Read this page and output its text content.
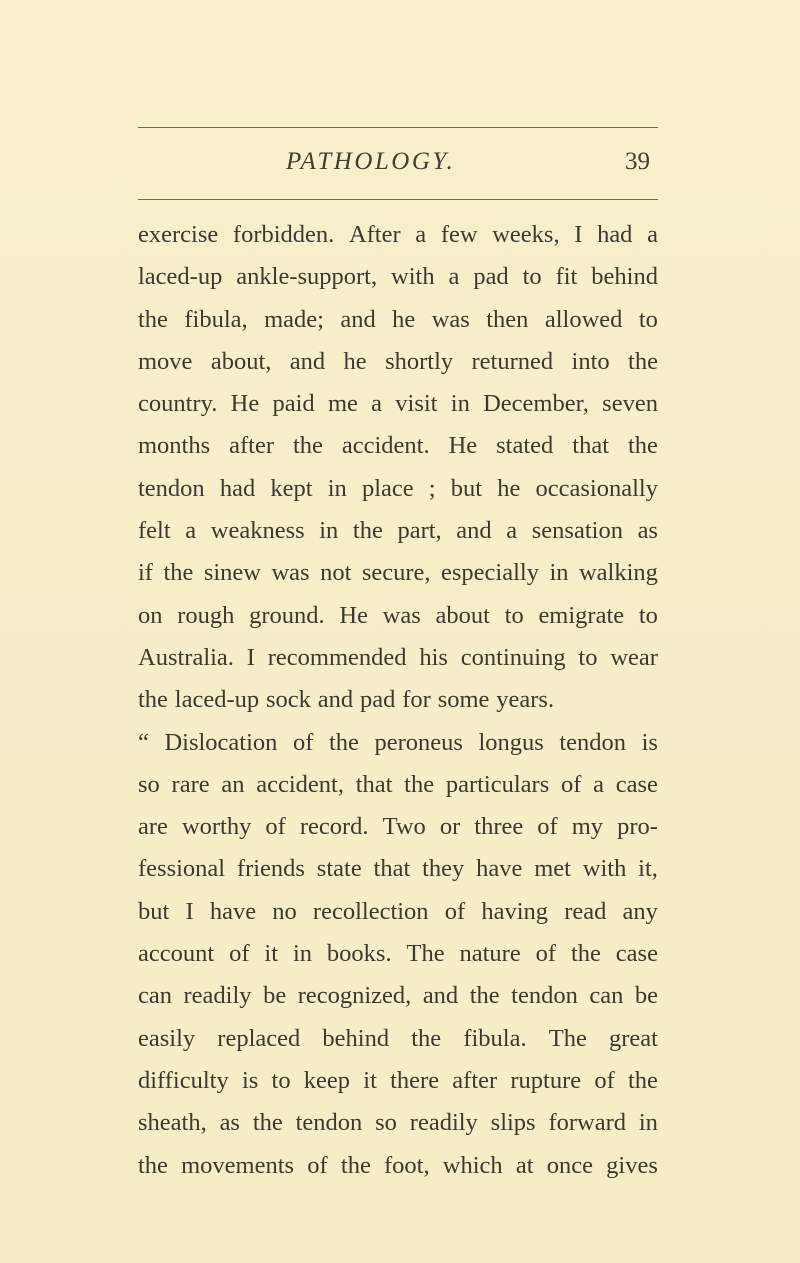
PATHOLOGY.	39
exercise forbidden. After a few weeks, I had a
laced-up ankle-support, with a pad to fit behind
the fibula, made; and he was then allowed to
move about, and he shortly returned into the
country. He paid me a visit in December, seven
months after the accident. He stated that the
tendon had kept in place ; but he occasionally
felt a weakness in the part, and a sensation as
if the sinew was not secure, especially in walking
on rough ground. He was about to emigrate to
Australia. I recommended his continuing to wear
the laced-up sock and pad for some years.
“ Dislocation of the peroneus longus tendon is
so rare an accident, that the particulars of a case
are worthy of record. Two or three of my pro-
fessional friends state that they have met with it,
but I have no recollection of having read any
account of it in books. The nature of the case
can readily be recognized, and the tendon can be
easily replaced behind the fibula. The great
difficulty is to keep it there after rupture of the
sheath, as the tendon so readily slips forward in
the movements of the foot, which at once gives
